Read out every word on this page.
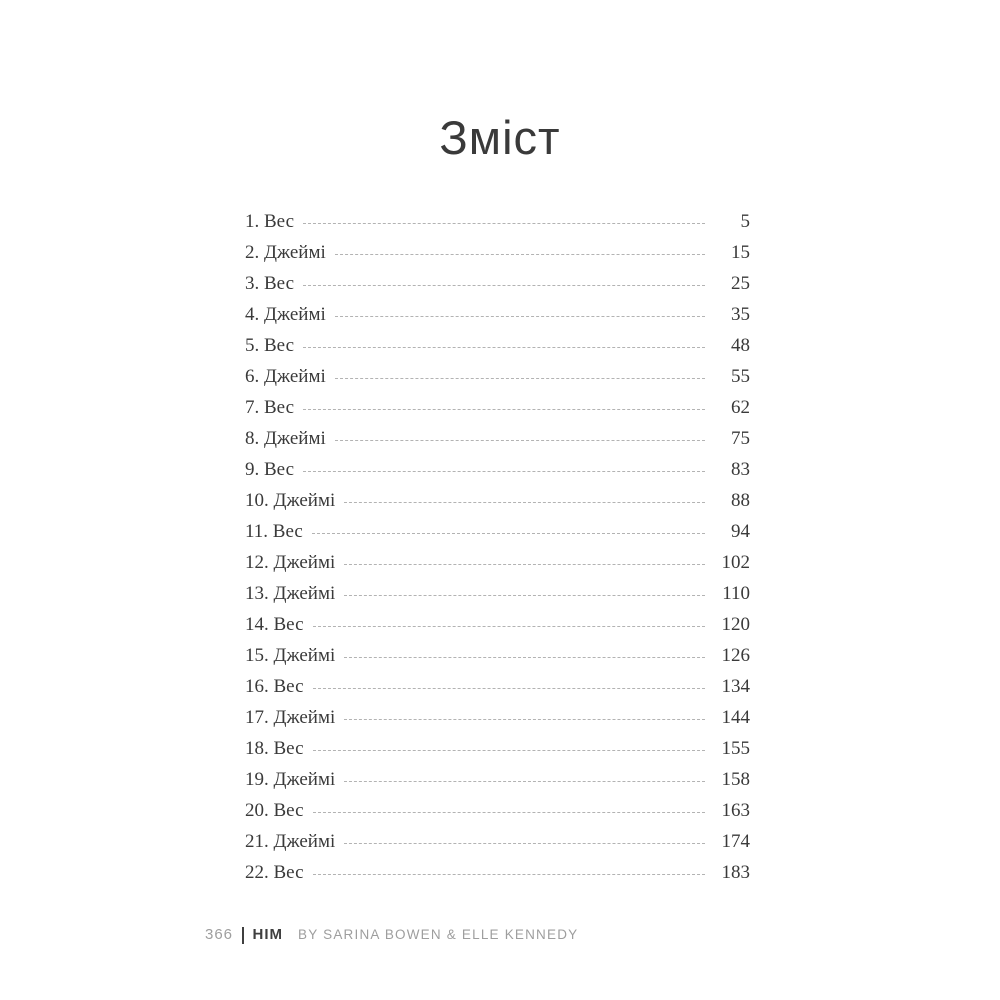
Зміст
1. Вес	5
2. Джеймі	15
3. Вес	25
4. Джеймі	35
5. Вес	48
6. Джеймі	55
7. Вес	62
8. Джеймі	75
9. Вес	83
10. Джеймі	88
11. Вес	94
12. Джеймі	102
13. Джеймі	110
14. Вес	120
15. Джеймі	126
16. Вес	134
17. Джеймі	144
18. Вес	155
19. Джеймі	158
20. Вес	163
21. Джеймі	174
22. Вес	183
366 HIM BY SARINA BOWEN & ELLE KENNEDY
